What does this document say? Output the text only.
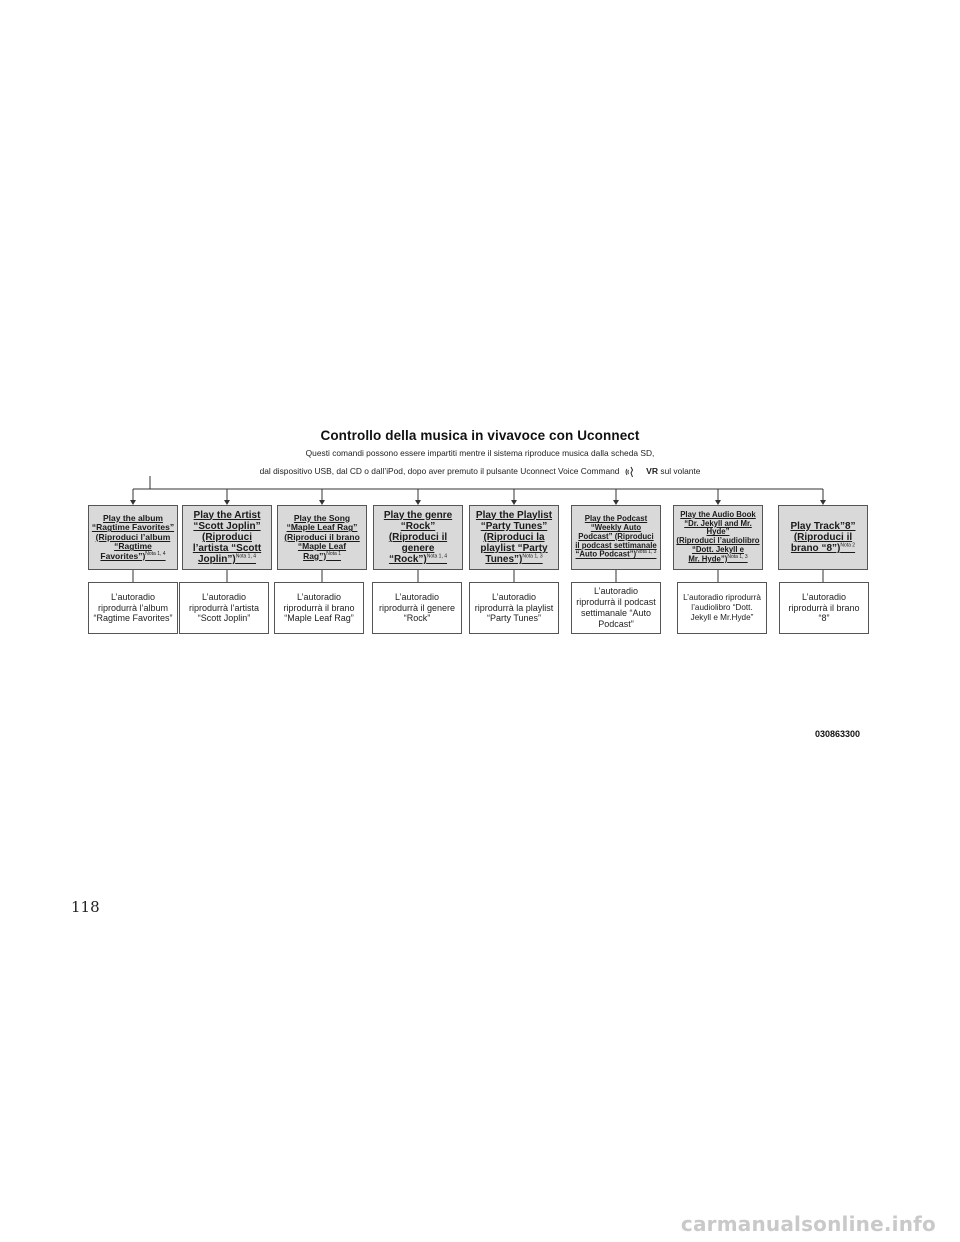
Controllo della musica in vivavoce con Uconnect
Questi comandi possono essere impartiti mentre il sistema riproduce musica dalla scheda SD,
dal dispositivo USB, dal CD o dall’iPod, dopo aver premuto il pulsante Uconnect Voice Command	VR sul volante
Play the album
“Ragtime Favorites”
(Riproduci l’album
“Ragtime
Favorites”)$^{Nota 1, 4}$
Play the Artist
“Scott Joplin”
(Riproduci
l’artista “Scott
Joplin”)$^{Nota 1, 4}$
Play the Song
“Maple Leaf Rag”
(Riproduci il brano
“Maple Leaf
Rag”)$^{Nota 1}$
Play the genre
“Rock”
(Riproduci il
genere
“Rock”)$^{Nota 1, 4}$
Play the Playlist
“Party Tunes”
(Riproduci la
playlist “Party
Tunes”)$^{Nota 1, 3}$
Play the Podcast
“Weekly Auto
Podcast” (Riproduci
il podcast settimanale
“Auto Podcast”)$^{Nota 1, 3}$
Play the Audio Book
“Dr. Jekyll and Mr. Hyde”
(Riproduci l’audiolibro
“Dott. Jekyll e
Mr. Hyde”)$^{Nota 1, 3}$
Play Track”8”
(Riproduci il
brano “8”)$^{Nota 2}$
L’autoradio riprodurrà l’album “Ragtime Favorites”
L’autoradio riprodurrà l’artista “Scott Joplin”
L’autoradio riprodurrà il brano “Maple Leaf Rag”
L’autoradio riprodurrà il genere “Rock”
L’autoradio riprodurrà la playlist “Party Tunes”
L’autoradio riprodurrà il podcast settimanale “Auto Podcast”
L’autoradio riprodurrà l’audiolibro “Dott. Jekyll e Mr.Hyde”
L’autoradio riprodurrà il brano “8”
030863300
118
carmanualsonline.info
